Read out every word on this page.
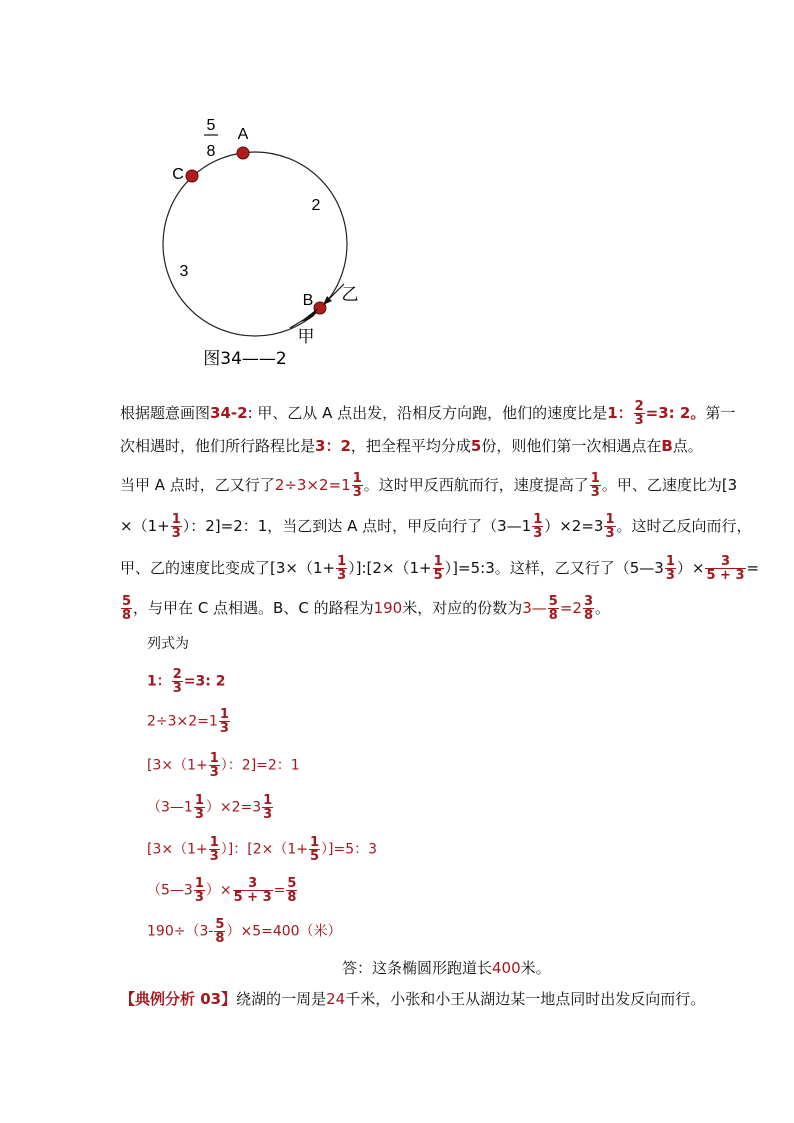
A
C
B
5
8
2
3
乙
甲
图34——2
根据题意画图34-2: 甲、乙从 A 点出发，沿相反方向跑，他们的速度比是1： $\frac{2}{3} =3$: 2。第一
次相遇时，他们所行路程比是3：2，把全程平均分成5份，则他们第一次相遇点在B点。
当甲 A 点时，乙又行了$2\div 3\times 2=1 \frac{1}{3}$ 。这时甲反西航而行，速度提高了 $\frac{1}{3}$ 。甲、乙速度比为[3
$\times(1+ \frac{1}{3}$ ）：2]=2：1，当乙到达 A 点时，甲反向行了（3—1 $\frac{1}{3} )\times 2=3 \frac{1}{3}$ 。这时乙反向而行，
甲、乙的速度比变成了[$3\times(1+ \frac{1}{3}$ ）]:[2×（1+ $\frac{1}{5}$ ）]=5:3。这样，乙又行了（5—3 $\frac{1}{3}$ ）× $\frac{3}{5 + 3}$ =
$\frac{5}{8}$ ，与甲在 C 点相遇。B、C 的路程为190米，对应的份数为3— $\frac{5}{8} =2 \frac{3}{8}$ 。
列式为
1： $\frac{2}{3} =3$: 2
$2\div 3\times 2=1 \frac{1}{3}$
[$3\times(1+ \frac{1}{3}$ ）：2]=2：1
（3—1 $\frac{1}{3} )\times 2=3 \frac{1}{3}$
[$3\times(1+ \frac{1}{3}$ ）]：$[2\times(1+ \frac{1}{5} )]=5$：3
（5—3 $\frac{1}{3}$ ）× $\frac{3}{5 + 3} = \frac{5}{8}$
$190\div(3- \frac{5}{8} )\times 5=400$（米）
答：这条椭圆形跑道长400米。
【典例分析 03】绕湖的一周是24千米，小张和小王从湖边某一地点同时出发反向而行。
